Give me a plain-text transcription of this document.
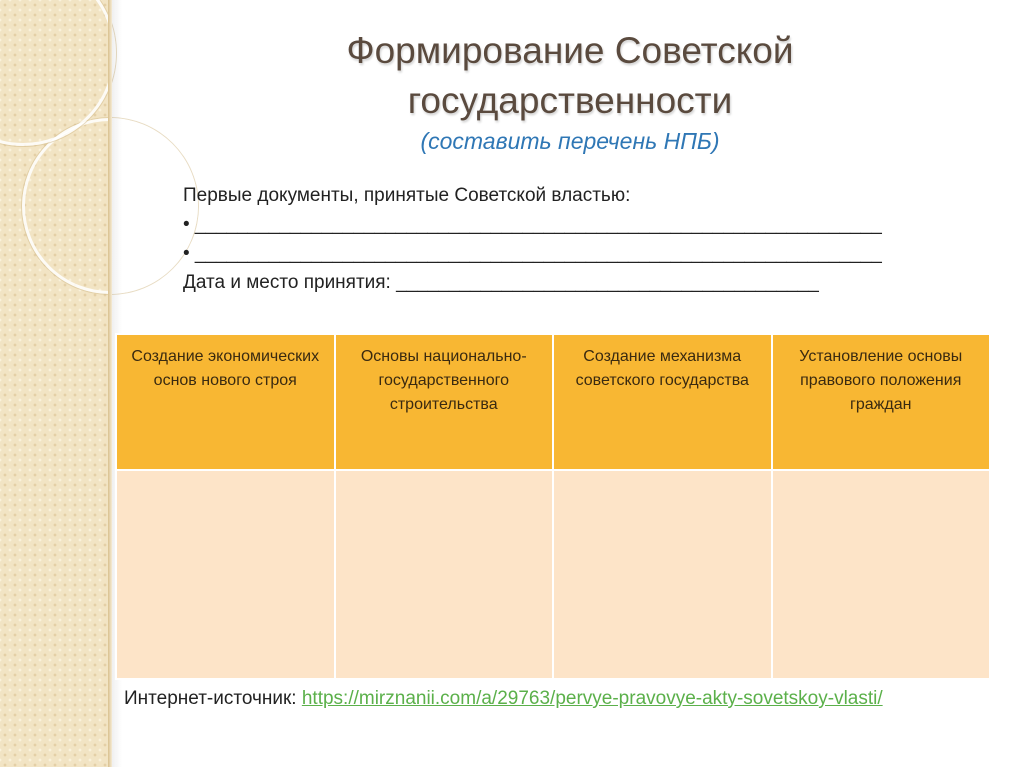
Формирование Советской
государственности
(составить перечень НПБ)
Первые документы, принятые Советской властью:
• _________________________________________________________________
• _________________________________________________________________
Дата и место принятия: ________________________________________
Создание экономических основ нового строя	Основы национально-государственного строительства	Создание механизма советского государства	Установление основы правового положения граждан

Интернет-источник: https://mirznanii.com/a/29763/pervye-pravovye-akty-sovetskoy-vlasti/
